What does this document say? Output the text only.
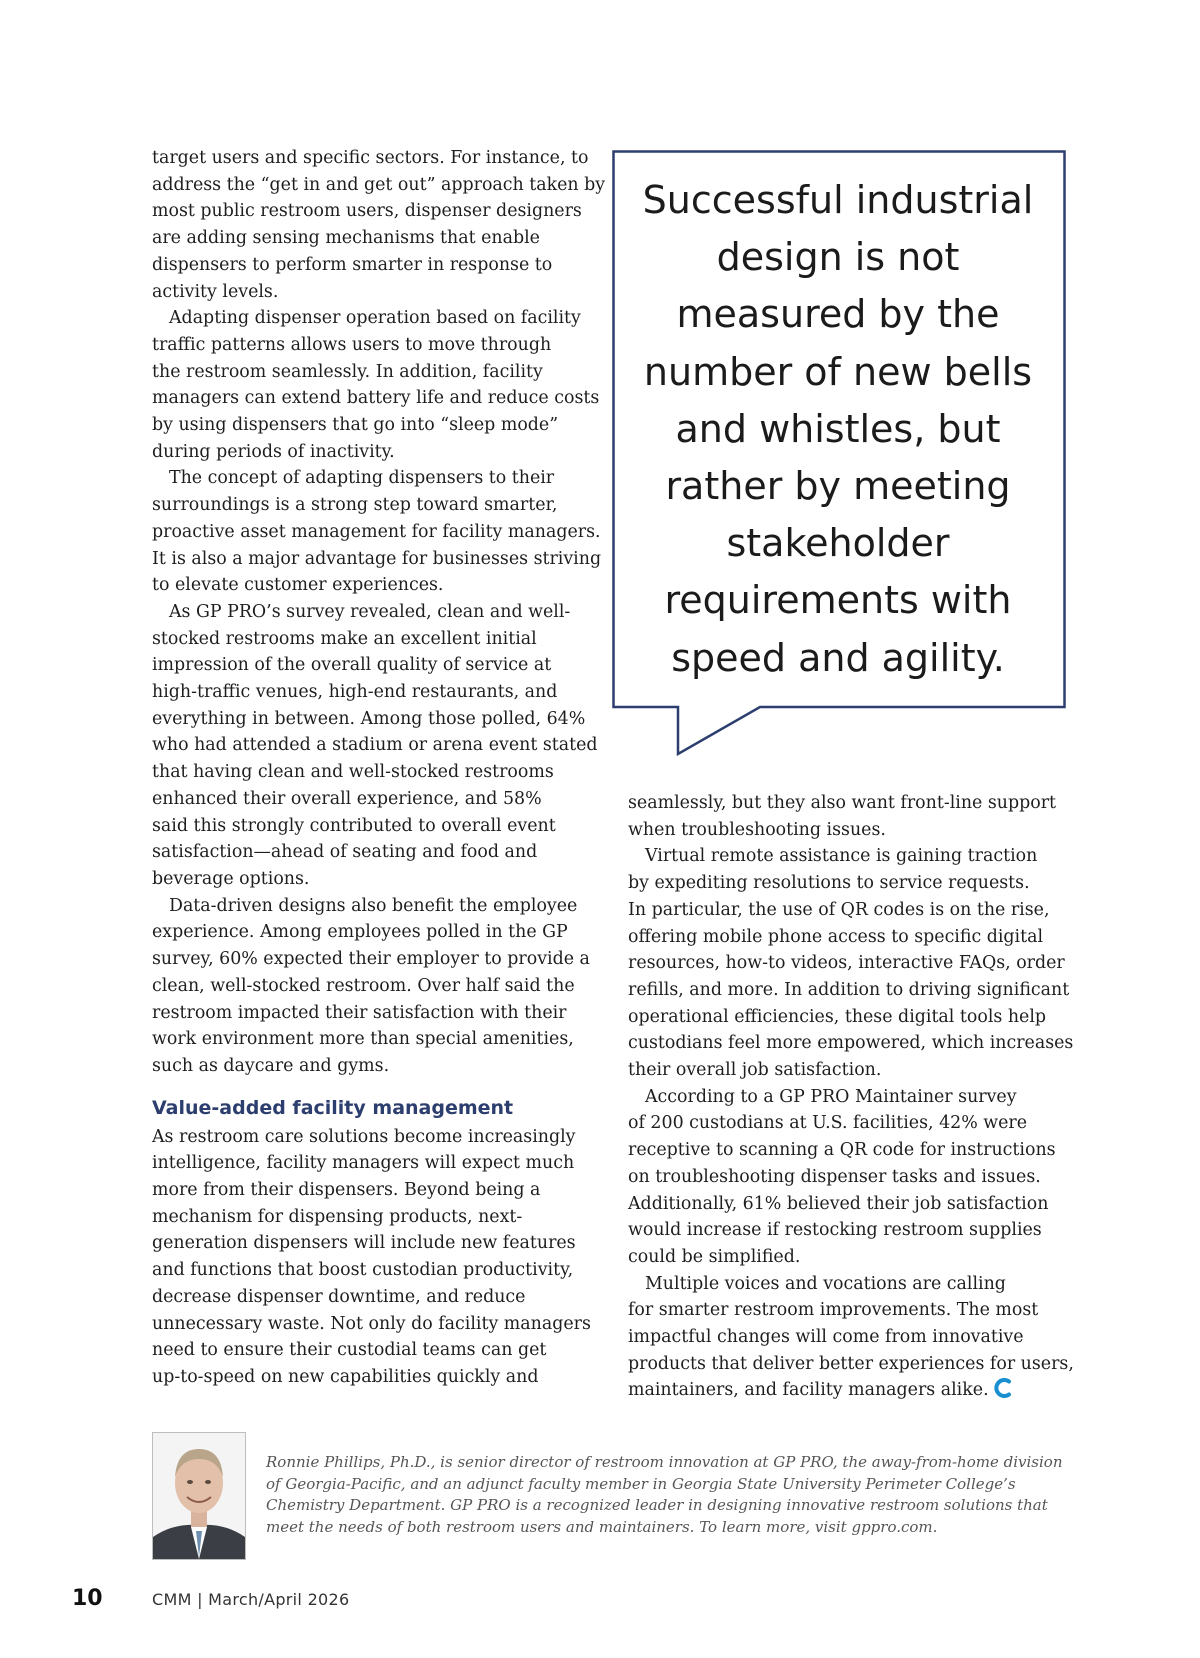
target users and specific sectors. For instance, to

address the “get in and get out” approach taken by

most public restroom users, dispenser designers

are adding sensing mechanisms that enable

dispensers to perform smarter in response to

activity levels.

Adapting dispenser operation based on facility

traffic patterns allows users to move through

the restroom seamlessly. In addition, facility

managers can extend battery life and reduce costs

by using dispensers that go into “sleep mode”

during periods of inactivity.

The concept of adapting dispensers to their

surroundings is a strong step toward smarter,

proactive asset management for facility managers.

It is also a major advantage for businesses striving

to elevate customer experiences.

As GP PRO’s survey revealed, clean and well-

stocked restrooms make an excellent initial

impression of the overall quality of service at

high-traffic venues, high-end restaurants, and

everything in between. Among those polled, 64%

who had attended a stadium or arena event stated

that having clean and well-stocked restrooms

enhanced their overall experience, and 58%

said this strongly contributed to overall event

satisfaction—ahead of seating and food and

beverage options.

Data-driven designs also benefit the employee

experience. Among employees polled in the GP

survey, 60% expected their employer to provide a

clean, well-stocked restroom. Over half said the

restroom impacted their satisfaction with their

work environment more than special amenities,

such as daycare and gyms.

Value-added facility management

As restroom care solutions become increasingly

intelligence, facility managers will expect much

more from their dispensers. Beyond being a

mechanism for dispensing products, next-

generation dispensers will include new features

and functions that boost custodian productivity,

decrease dispenser downtime, and reduce

unnecessary waste. Not only do facility managers

need to ensure their custodial teams can get

up-to-speed on new capabilities quickly and

Successful industrial
design is not
measured by the
number of new bells
and whistles, but
rather by meeting
stakeholder
requirements with
speed and agility.

seamlessly, but they also want front-line support

when troubleshooting issues.

Virtual remote assistance is gaining traction

by expediting resolutions to service requests.

In particular, the use of QR codes is on the rise,

offering mobile phone access to specific digital

resources, how-to videos, interactive FAQs, order

refills, and more. In addition to driving significant

operational efficiencies, these digital tools help

custodians feel more empowered, which increases

their overall job satisfaction.

According to a GP PRO Maintainer survey

of 200 custodians at U.S. facilities, 42% were

receptive to scanning a QR code for instructions

on troubleshooting dispenser tasks and issues.

Additionally, 61% believed their job satisfaction

would increase if restocking restroom supplies

could be simplified.

Multiple voices and vocations are calling

for smarter restroom improvements. The most

impactful changes will come from innovative

products that deliver better experiences for users,

maintainers, and facility managers alike.

Ronnie Phillips, Ph.D., is senior director of restroom innovation at GP PRO, the away-from-home division
of Georgia-Pacific, and an adjunct faculty member in Georgia State University Perimeter College’s
Chemistry Department. GP PRO is a recognized leader in designing innovative restroom solutions that
meet the needs of both restroom users and maintainers. To learn more, visit gppro.com.
10	CMM | March/April 2026
